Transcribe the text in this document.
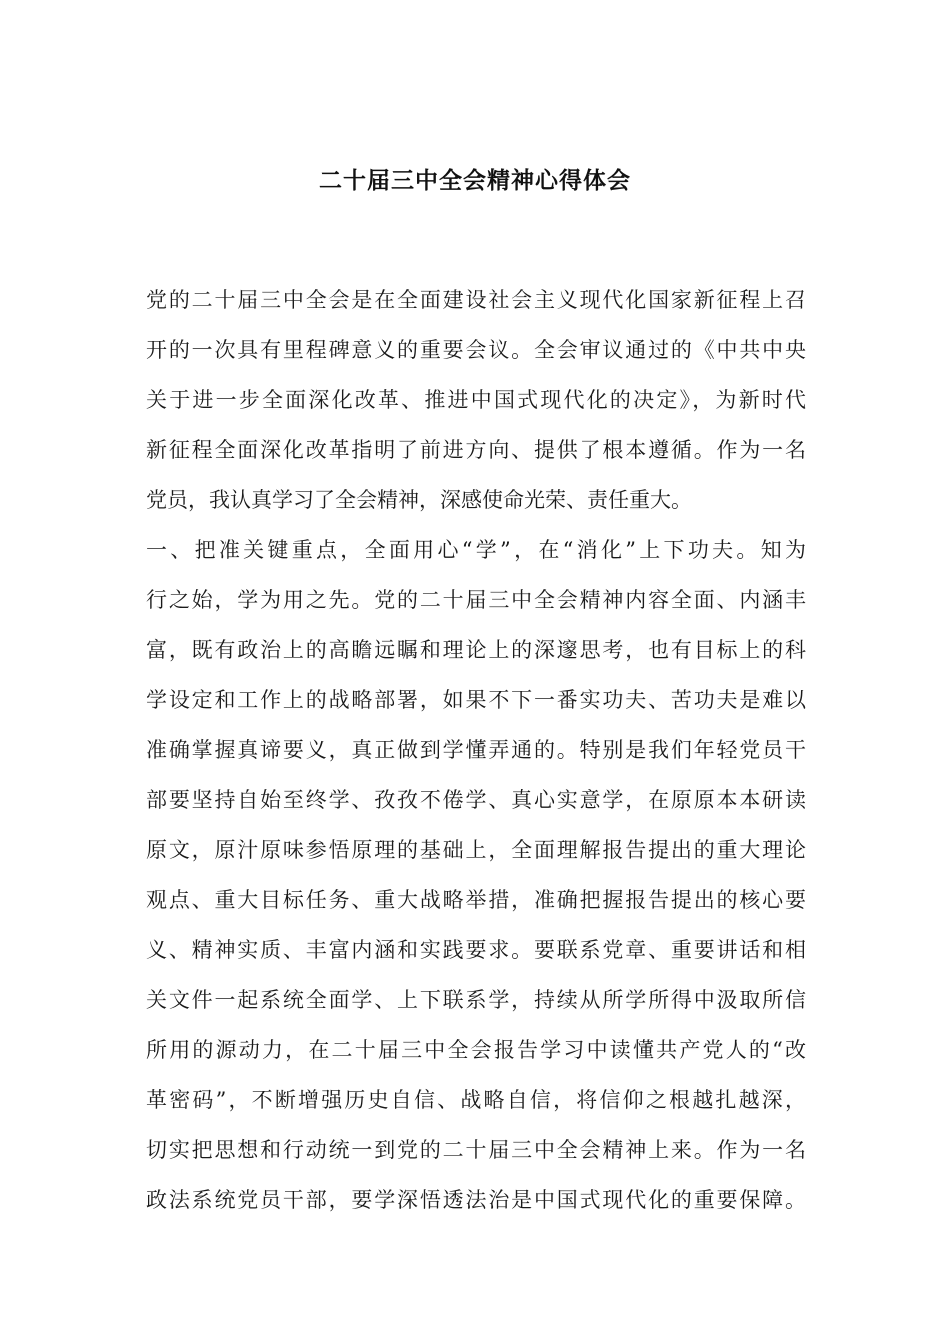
二十届三中全会精神心得体会
党的二十届三中全会是在全面建设社会主义现代化国家新征程上召
开的一次具有里程碑意义的重要会议。全会审议通过的《中共中央
关于进一步全面深化改革、推进中国式现代化的决定》，为新时代
新征程全面深化改革指明了前进方向、提供了根本遵循。作为一名
党员，我认真学习了全会精神，深感使命光荣、责任重大。
一、把准关键重点，全面用心“学”，在“消化”上下功夫。知为
行之始，学为用之先。党的二十届三中全会精神内容全面、内涵丰
富，既有政治上的高瞻远瞩和理论上的深邃思考，也有目标上的科
学设定和工作上的战略部署，如果不下一番实功夫、苦功夫是难以
准确掌握真谛要义，真正做到学懂弄通的。特别是我们年轻党员干
部要坚持自始至终学、孜孜不倦学、真心实意学，在原原本本研读
原文，原汁原味参悟原理的基础上，全面理解报告提出的重大理论
观点、重大目标任务、重大战略举措，准确把握报告提出的核心要
义、精神实质、丰富内涵和实践要求。要联系党章、重要讲话和相
关文件一起系统全面学、上下联系学，持续从所学所得中汲取所信
所用的源动力，在二十届三中全会报告学习中读懂共产党人的“改
革密码”，不断增强历史自信、战略自信，将信仰之根越扎越深，
切实把思想和行动统一到党的二十届三中全会精神上来。作为一名
政法系统党员干部，要学深悟透法治是中国式现代化的重要保障。
